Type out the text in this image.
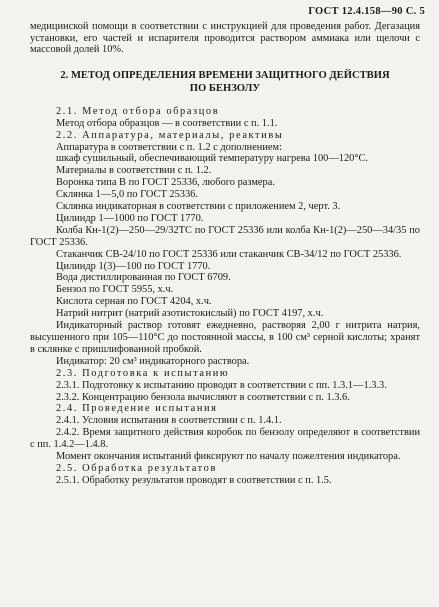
ГОСТ 12.4.158—90 С. 5

медицинской помощи в соответствии с инструкцией для проведения работ. Дегазация установки, его частей и испарителя проводится раствором аммиака или щелочи с массовой долей 10%.

2. МЕТОД ОПРЕДЕЛЕНИЯ ВРЕМЕНИ ЗАЩИТНОГО ДЕЙСТВИЯ
ПО БЕНЗОЛУ

2.1. Метод отбора образцов

Метод отбора образцов — в соответствии с п. 1.1.

2.2. Аппаратура, материалы, реактивы

Аппаратура в соответствии с п. 1.2 с дополнением:

шкаф сушильный, обеспечивающий температуру нагрева 100—120°С.

Материалы в соответствии с п. 1.2.

Воронка типа В по ГОСТ 25336, любого размера.

Склянка 1—5,0 по ГОСТ 25336.

Склянка индикаторная в соответствии с приложением 2, черт. 3.

Цилиндр 1—1000 по ГОСТ 1770.

Колба Кн-1(2)—250—29/32ТС по ГОСТ 25336 или колба Кн-1(2)—250—34/35 по ГОСТ 25336.

Стаканчик СВ-24/10 по ГОСТ 25336 или стаканчик СВ-34/12 по ГОСТ 25336.

Цилиндр 1(3)—100 по ГОСТ 1770.

Вода дистиллированная по ГОСТ 6709.

Бензол по ГОСТ 5955, х.ч.

Кислота серная по ГОСТ 4204, х.ч.

Натрий нитрит (натрий азотистокислый) по ГОСТ 4197, х.ч.

Индикаторный раствор готовят ежедневно, растворяя 2,00 г нитрита натрия, высушенного при 105—110°С до постоянной массы, в 100 см³ серной кислоты; хранят в склянке с пришлифованной пробкой.

Индикатор: 20 см³ индикаторного раствора.

2.3. Подготовка к испытанию

2.3.1. Подготовку к испытанию проводят в соответствии с пп. 1.3.1—1.3.3.

2.3.2. Концентрацию бензола вычисляют в соответствии с п. 1.3.6.

2.4. Проведение испытания

2.4.1. Условия испытания в соответствии с п. 1.4.1.

2.4.2. Время защитного действия коробок по бензолу определяют в соответствии с пп. 1.4.2—1.4.8.

Момент окончания испытаний фиксируют по началу пожелтения индикатора.

2.5. Обработка результатов

2.5.1. Обработку результатов проводят в соответствии с п. 1.5.
